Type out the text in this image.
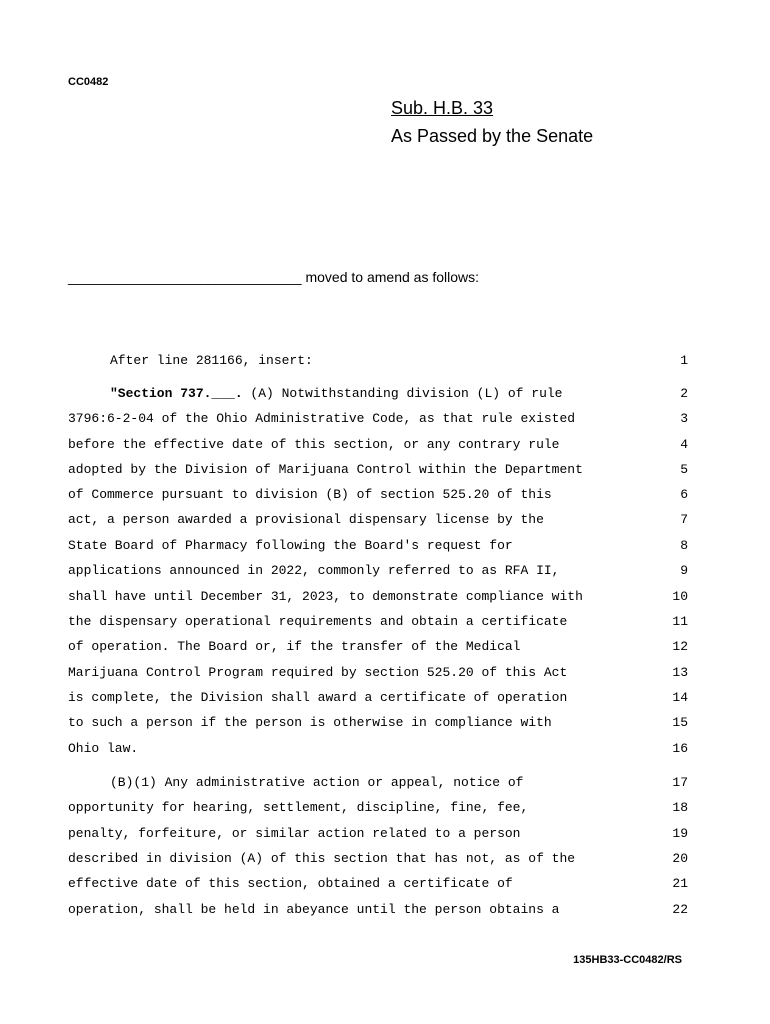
CC0482
Sub. H.B. 33
As Passed by the Senate
______________________________ moved to amend as follows:
After line 281166, insert:	1
"Section 737.___. (A) Notwithstanding division (L) of rule	2
3796:6-2-04 of the Ohio Administrative Code, as that rule existed	3
before the effective date of this section, or any contrary rule	4
adopted by the Division of Marijuana Control within the Department	5
of Commerce pursuant to division (B) of section 525.20 of this	6
act, a person awarded a provisional dispensary license by the	7
State Board of Pharmacy following the Board's request for	8
applications announced in 2022, commonly referred to as RFA II,	9
shall have until December 31, 2023, to demonstrate compliance with	10
the dispensary operational requirements and obtain a certificate	11
of operation. The Board or, if the transfer of the Medical	12
Marijuana Control Program required by section 525.20 of this Act	13
is complete, the Division shall award a certificate of operation	14
to such a person if the person is otherwise in compliance with	15
Ohio law.	16
(B)(1) Any administrative action or appeal, notice of	17
opportunity for hearing, settlement, discipline, fine, fee,	18
penalty, forfeiture, or similar action related to a person	19
described in division (A) of this section that has not, as of the	20
effective date of this section, obtained a certificate of	21
operation, shall be held in abeyance until the person obtains a	22
135HB33-CC0482/RS
